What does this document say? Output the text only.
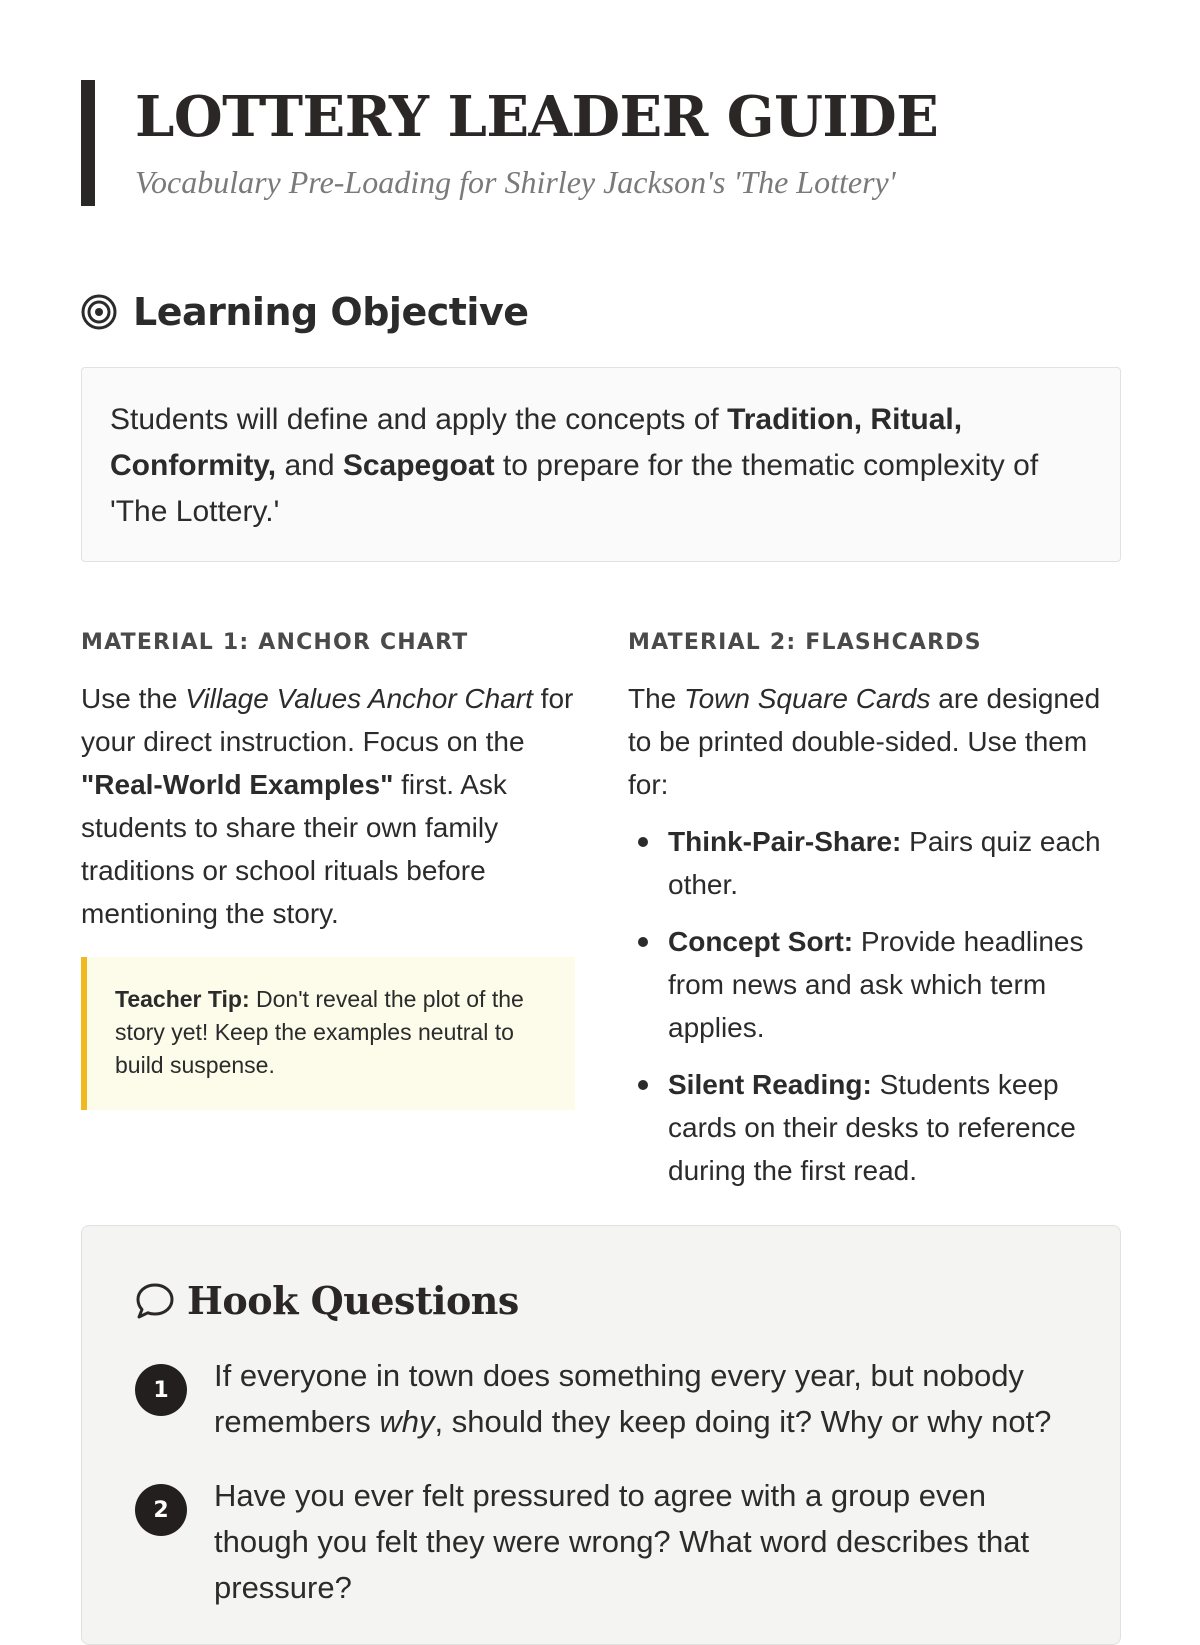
LOTTERY LEADER GUIDE

Vocabulary Pre-Loading for Shirley Jackson's 'The Lottery'

Learning Objective
Students will define and apply the concepts of Tradition, Ritual, Conformity, and Scapegoat to prepare for the thematic complexity of 'The Lottery.'

MATERIAL 1: ANCHOR CHART

Use the Village Values Anchor Chart for your direct instruction. Focus on the "Real-World Examples" first. Ask students to share their own family traditions or school rituals before mentioning the story.

Teacher Tip: Don't reveal the plot of the story yet! Keep the examples neutral to build suspense.

MATERIAL 2: FLASHCARDS

The Town Square Cards are designed to be printed double-sided. Use them for:

Think-Pair-Share: Pairs quiz each other.
Concept Sort: Provide headlines from news and ask which term applies.
Silent Reading: Students keep cards on their desks to reference during the first read.
Hook Questions
1	If everyone in town does something every year, but nobody remembers why, should they keep doing it? Why or why not?
2	Have you ever felt pressured to agree with a group even though you felt they were wrong? What word describes that pressure?
